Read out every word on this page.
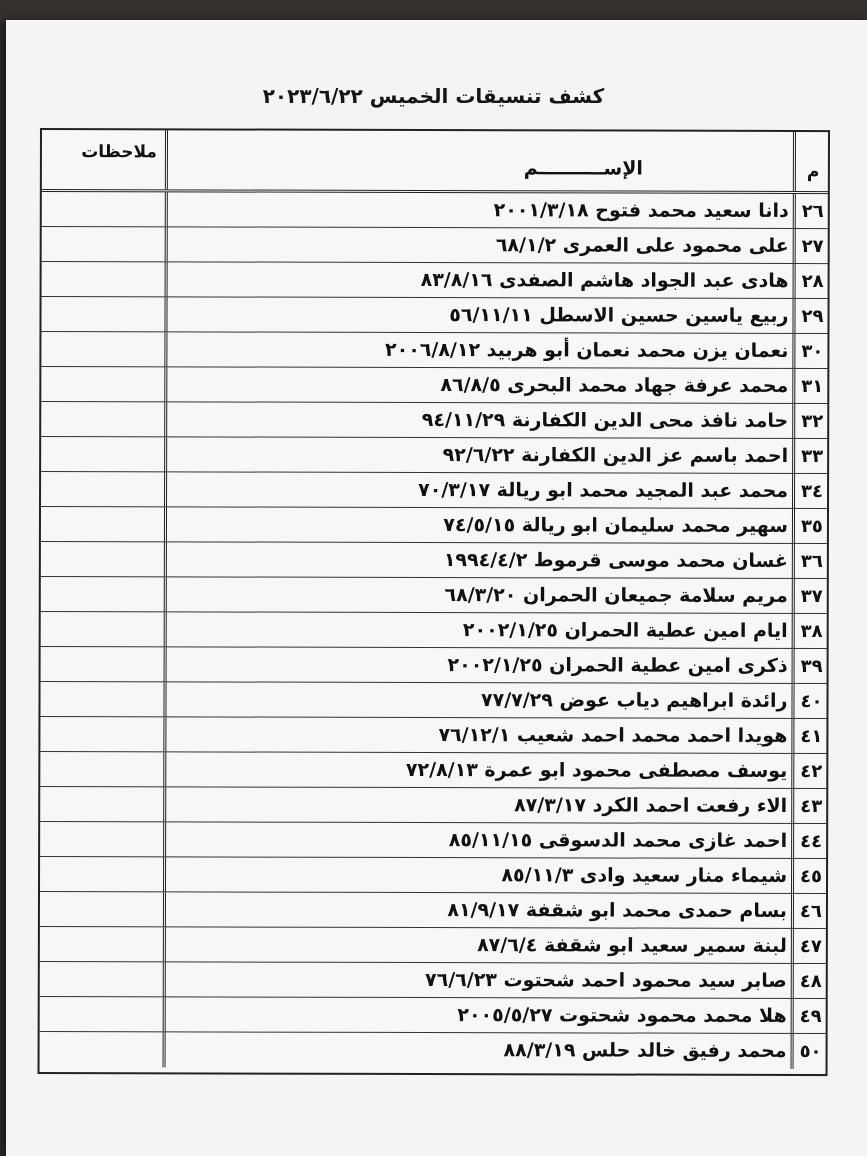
كشف تنسيقات الخميس ٢٠٢٣/٦/٢٢
ملاحظات
الإســــــــــم	م
دانا سعيد محمد فتوح ٢٠٠١/٣/١٨ ٢٦
على محمود على العمرى ٦٨/١/٢ ٢٧
هادى عبد الجواد هاشم الصفدى ٨٣/٨/١٦ ٢٨
ربيع ياسين حسين الاسطل ٥٦/١١/١١ ٢٩
نعمان يزن محمد نعمان أبو هربيد ٢٠٠٦/٨/١٢ ٣٠
محمد عرفة جهاد محمد البحرى ٨٦/٨/٥ ٣١
حامد نافذ محى الدين الكفارنة ٩٤/١١/٢٩ ٣٢
احمد باسم عز الدين الكفارنة ٩٢/٦/٢٢ ٣٣
محمد عبد المجيد محمد ابو ريالة ٧٠/٣/١٧ ٣٤
سهير محمد سليمان ابو ريالة ٧٤/٥/١٥ ٣٥
غسان محمد موسى قرموط ١٩٩٤/٤/٢ ٣٦
مريم سلامة جميعان الحمران ٦٨/٣/٢٠ ٣٧
ايام امين عطية الحمران ٢٠٠٢/١/٢٥ ٣٨
ذكرى امين عطية الحمران ٢٠٠٢/١/٢٥ ٣٩
رائدة ابراهيم دياب عوض ٧٧/٧/٢٩ ٤٠
هويدا احمد محمد احمد شعيب ٧٦/١٢/١ ٤١
يوسف مصطفى محمود ابو عمرة ٧٢/٨/١٣ ٤٢
الاء رفعت احمد الكرد ٨٧/٣/١٧ ٤٣
احمد غازى محمد الدسوقى ٨٥/١١/١٥ ٤٤
شيماء منار سعيد وادى ٨٥/١١/٣ ٤٥
بسام حمدى محمد ابو شقفة ٨١/٩/١٧ ٤٦
لبنة سمير سعيد ابو شقفة ٨٧/٦/٤ ٤٧
صابر سيد محمود احمد شحتوت ٧٦/٦/٢٣ ٤٨
هلا محمد محمود شحتوت ٢٠٠٥/٥/٢٧ ٤٩
محمد رفيق خالد حلس ٨٨/٣/١٩ ٥٠
